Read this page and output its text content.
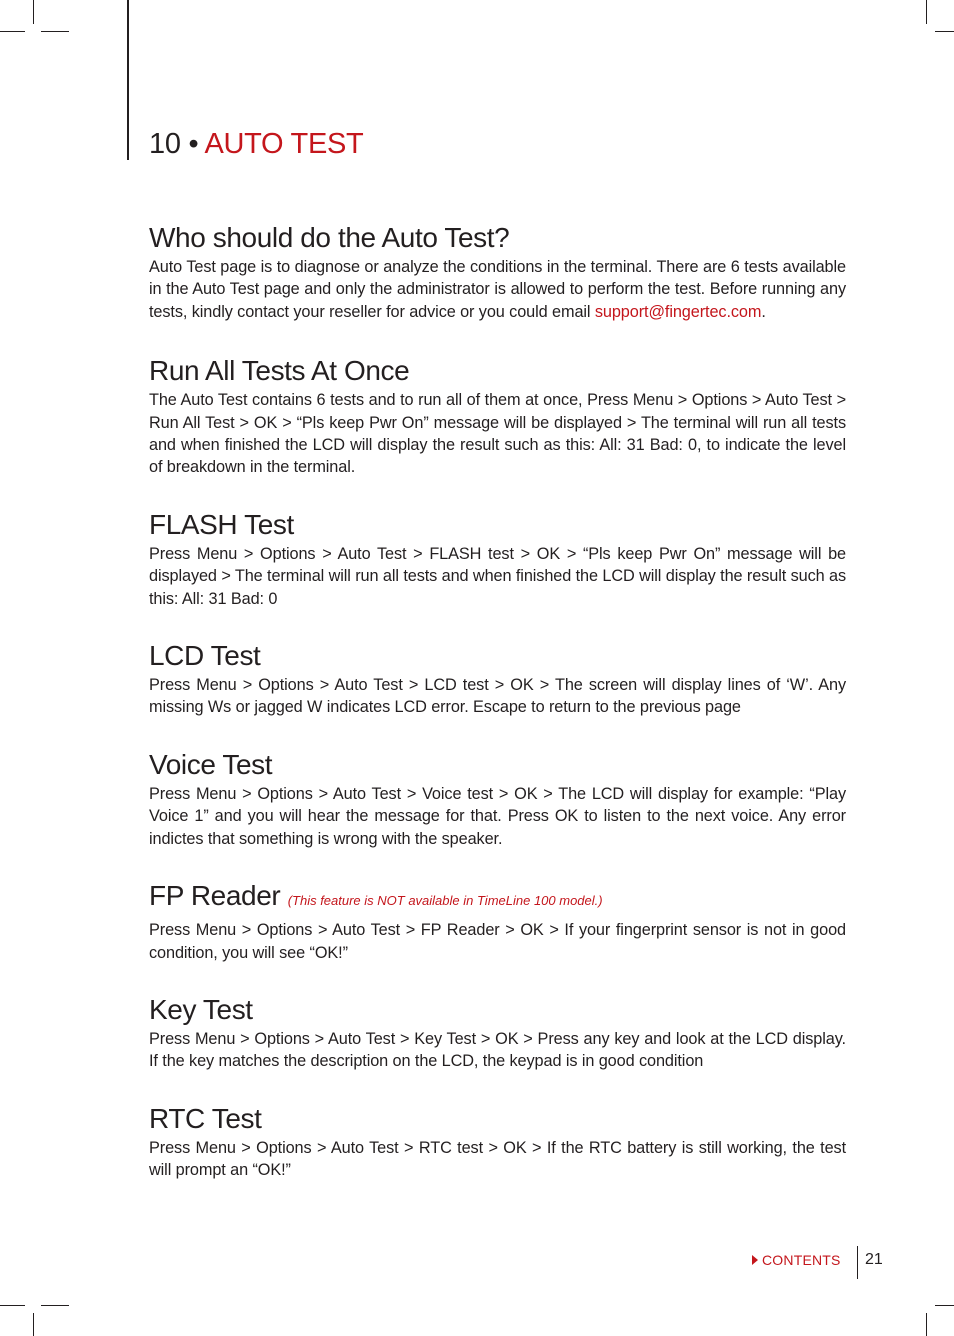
10 • AUTO TEST
Who should do the Auto Test?

Auto Test page is to diagnose or analyze the conditions in the terminal. There are 6 tests available in the Auto Test page and only the administrator is allowed to perform the test. Before running any tests, kindly contact your reseller for advice or you could email support@fingertec.com.

Run All Tests At Once

The Auto Test contains 6 tests and to run all of them at once, Press Menu > Options > Auto Test > Run All Test > OK > “Pls keep Pwr On” message will be displayed > The terminal will run all tests and when finished the LCD will display the result such as this: All: 31 Bad: 0, to indicate the level of breakdown in the terminal.

FLASH Test

Press Menu > Options > Auto Test > FLASH test > OK > “Pls keep Pwr On” message will be displayed > The terminal will run all tests and when finished the LCD will display the result such as this: All: 31 Bad: 0

LCD Test

Press Menu > Options > Auto Test > LCD test > OK > The screen will display lines of ‘W’. Any missing Ws or jagged W indicates LCD error. Escape to return to the previous page

Voice Test

Press Menu > Options > Auto Test > Voice test > OK > The LCD will display for example: “Play Voice 1” and you will hear the message for that. Press OK to listen to the next voice. Any error indictes that something is wrong with the speaker.

FP Reader (This feature is NOT available in TimeLine 100 model.)

Press Menu > Options > Auto Test > FP Reader > OK > If your fingerprint sensor is not in good condition, you will see “OK!”

Key Test

Press Menu > Options > Auto Test > Key Test > OK > Press any key and look at the LCD display. If the key matches the description on the LCD, the keypad is in good condition

RTC Test

Press Menu > Options > Auto Test > RTC test > OK > If the RTC battery is still working, the test will prompt an “OK!”

CONTENTS 21
